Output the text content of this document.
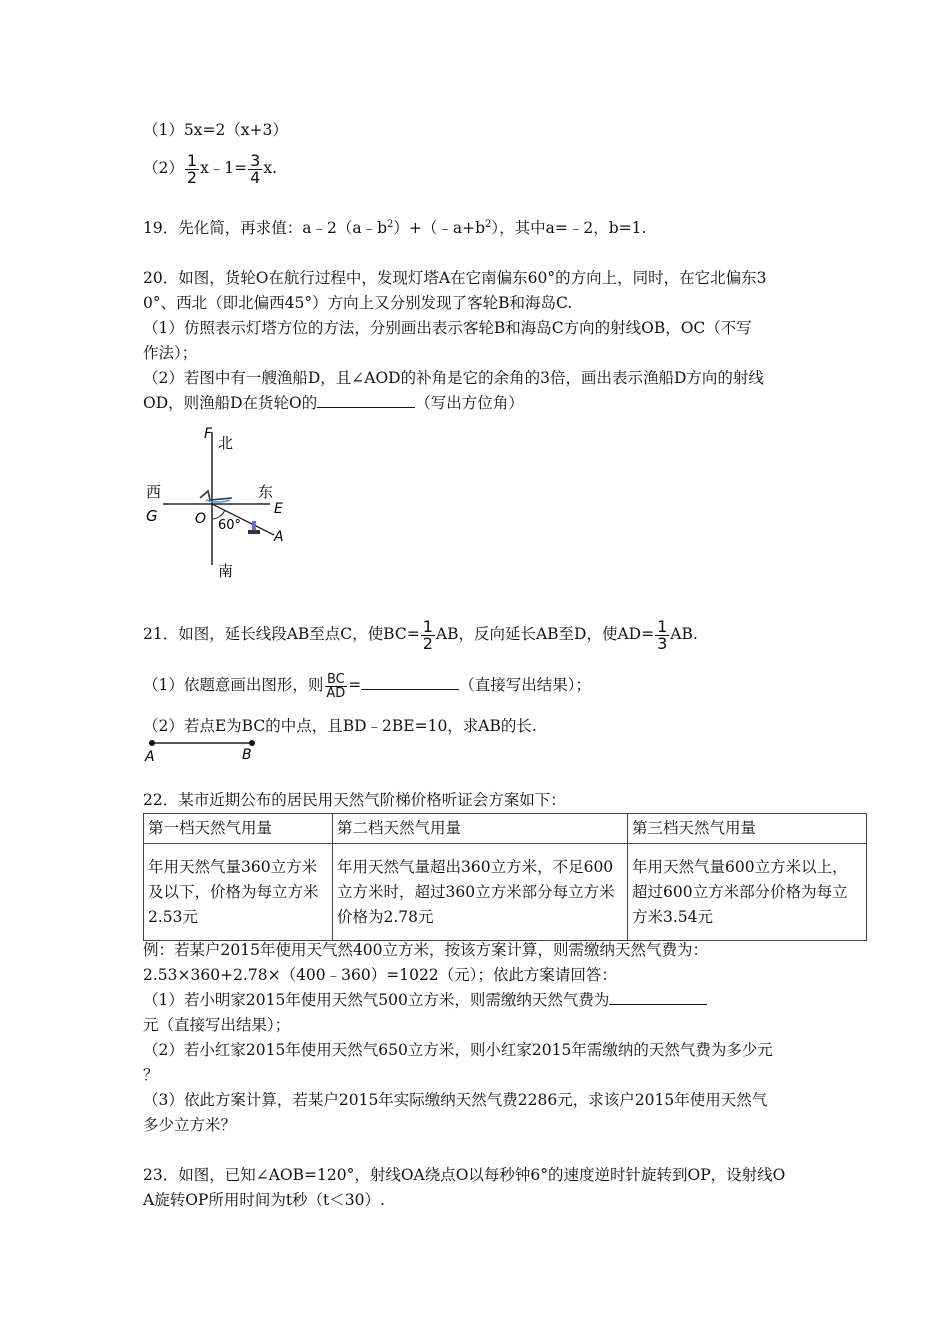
（1）5x=2（x+3）
$(2) \frac{1}{2}$ x﹣1= $\frac{3}{4} x$.
19．先化简，再求值：$a﹣2(a﹣b^2)+(﹣a+b^2)$，其中a=﹣2，b=1.
20．如图，货轮O在航行过程中，发现灯塔A在它南偏东60°的方向上，同时，在它北偏东3
0°、西北（即北偏西45°）方向上又分别发现了客轮B和海岛C.
（1）仿照表示灯塔方位的方法，分别画出表示客轮B和海岛C方向的射线OB，OC（不写
作法）；
（2）若图中有一艘渔船D，且∠AOD的补角是它的余角的3倍，画出表示渔船D方向的射线
OD，则渔船D在货轮O的	（写出方位角）
F 北
西
G
东
E
O 60°
A
南
21．如图，延长线段AB至点C，使$BC= \frac{1}{2}$ AB，反向延长AB至D，使$AD= \frac{1}{3}$ AB.
（1）依题意画出图形，则 $\frac{BC}{AD}$ =	（直接写出结果）；
（2）若点E为BC的中点，且BD﹣2BE=10，求AB的长.
A	B
22．某市近期公布的居民用天然气阶梯价格听证会方案如下：
第一档天然气用量	第二档天然气用量	第三档天然气用量
年用天然气量360立方米及以下，价格为每立方米2.53元	年用天然气量超出360立方米，不足600立方米时，超过360立方米部分每立方米价格为2.78元	年用天然气量600立方米以上，超过600立方米部分价格为每立方米3.54元
例：若某户2015年使用天气然400立方米，按该方案计算，则需缴纳天然气费为：
2.53×360+2.78×（400﹣360）=1022（元）；依此方案请回答：
（1）若小明家2015年使用天然气500立方米，则需缴纳天然气费为
元（直接写出结果）；
（2）若小红家2015年使用天然气650立方米，则小红家2015年需缴纳的天然气费为多少元
？
（3）依此方案计算，若某户2015年实际缴纳天然气费2286元，求该户2015年使用天然气
多少立方米？
23．如图，已知∠AOB=120°，射线OA绕点O以每秒钟6°的速度逆时针旋转到OP，设射线O
A旋转OP所用时间为t秒（t＜30）.
